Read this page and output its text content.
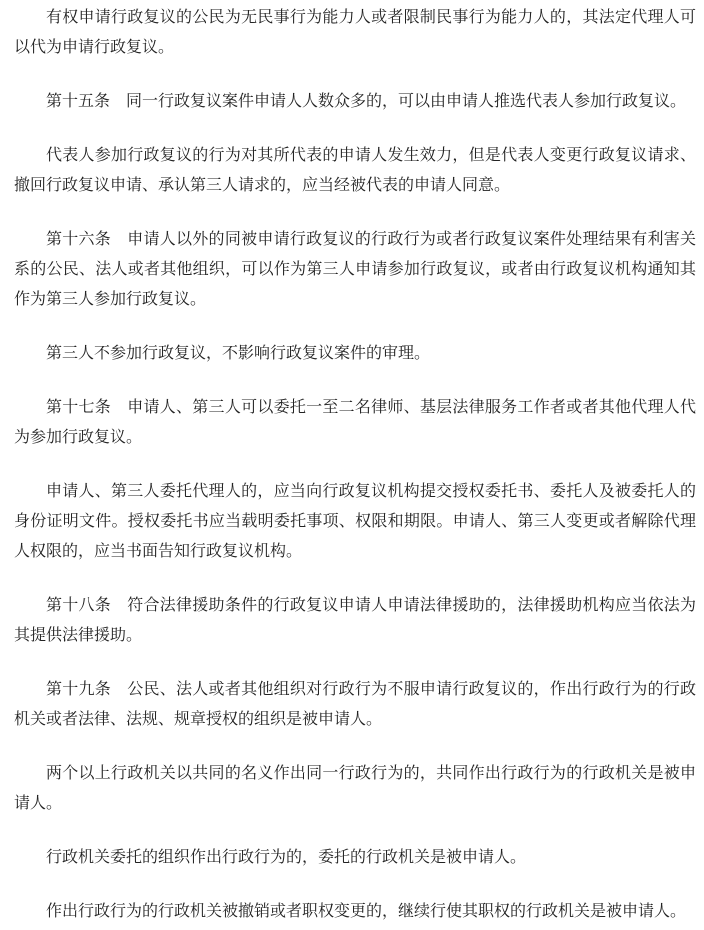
有权申请行政复议的公民为无民事行为能力人或者限制民事行为能力人的，其法定代理人可以代为申请行政复议。

第十五条　同一行政复议案件申请人人数众多的，可以由申请人推选代表人参加行政复议。

代表人参加行政复议的行为对其所代表的申请人发生效力，但是代表人变更行政复议请求、撤回行政复议申请、承认第三人请求的，应当经被代表的申请人同意。

第十六条　申请人以外的同被申请行政复议的行政行为或者行政复议案件处理结果有利害关系的公民、法人或者其他组织，可以作为第三人申请参加行政复议，或者由行政复议机构通知其作为第三人参加行政复议。

第三人不参加行政复议，不影响行政复议案件的审理。

第十七条　申请人、第三人可以委托一至二名律师、基层法律服务工作者或者其他代理人代为参加行政复议。

申请人、第三人委托代理人的，应当向行政复议机构提交授权委托书、委托人及被委托人的身份证明文件。授权委托书应当载明委托事项、权限和期限。申请人、第三人变更或者解除代理人权限的，应当书面告知行政复议机构。

第十八条　符合法律援助条件的行政复议申请人申请法律援助的，法律援助机构应当依法为其提供法律援助。

第十九条　公民、法人或者其他组织对行政行为不服申请行政复议的，作出行政行为的行政机关或者法律、法规、规章授权的组织是被申请人。

两个以上行政机关以共同的名义作出同一行政行为的，共同作出行政行为的行政机关是被申请人。

行政机关委托的组织作出行政行为的，委托的行政机关是被申请人。

作出行政行为的行政机关被撤销或者职权变更的，继续行使其职权的行政机关是被申请人。
